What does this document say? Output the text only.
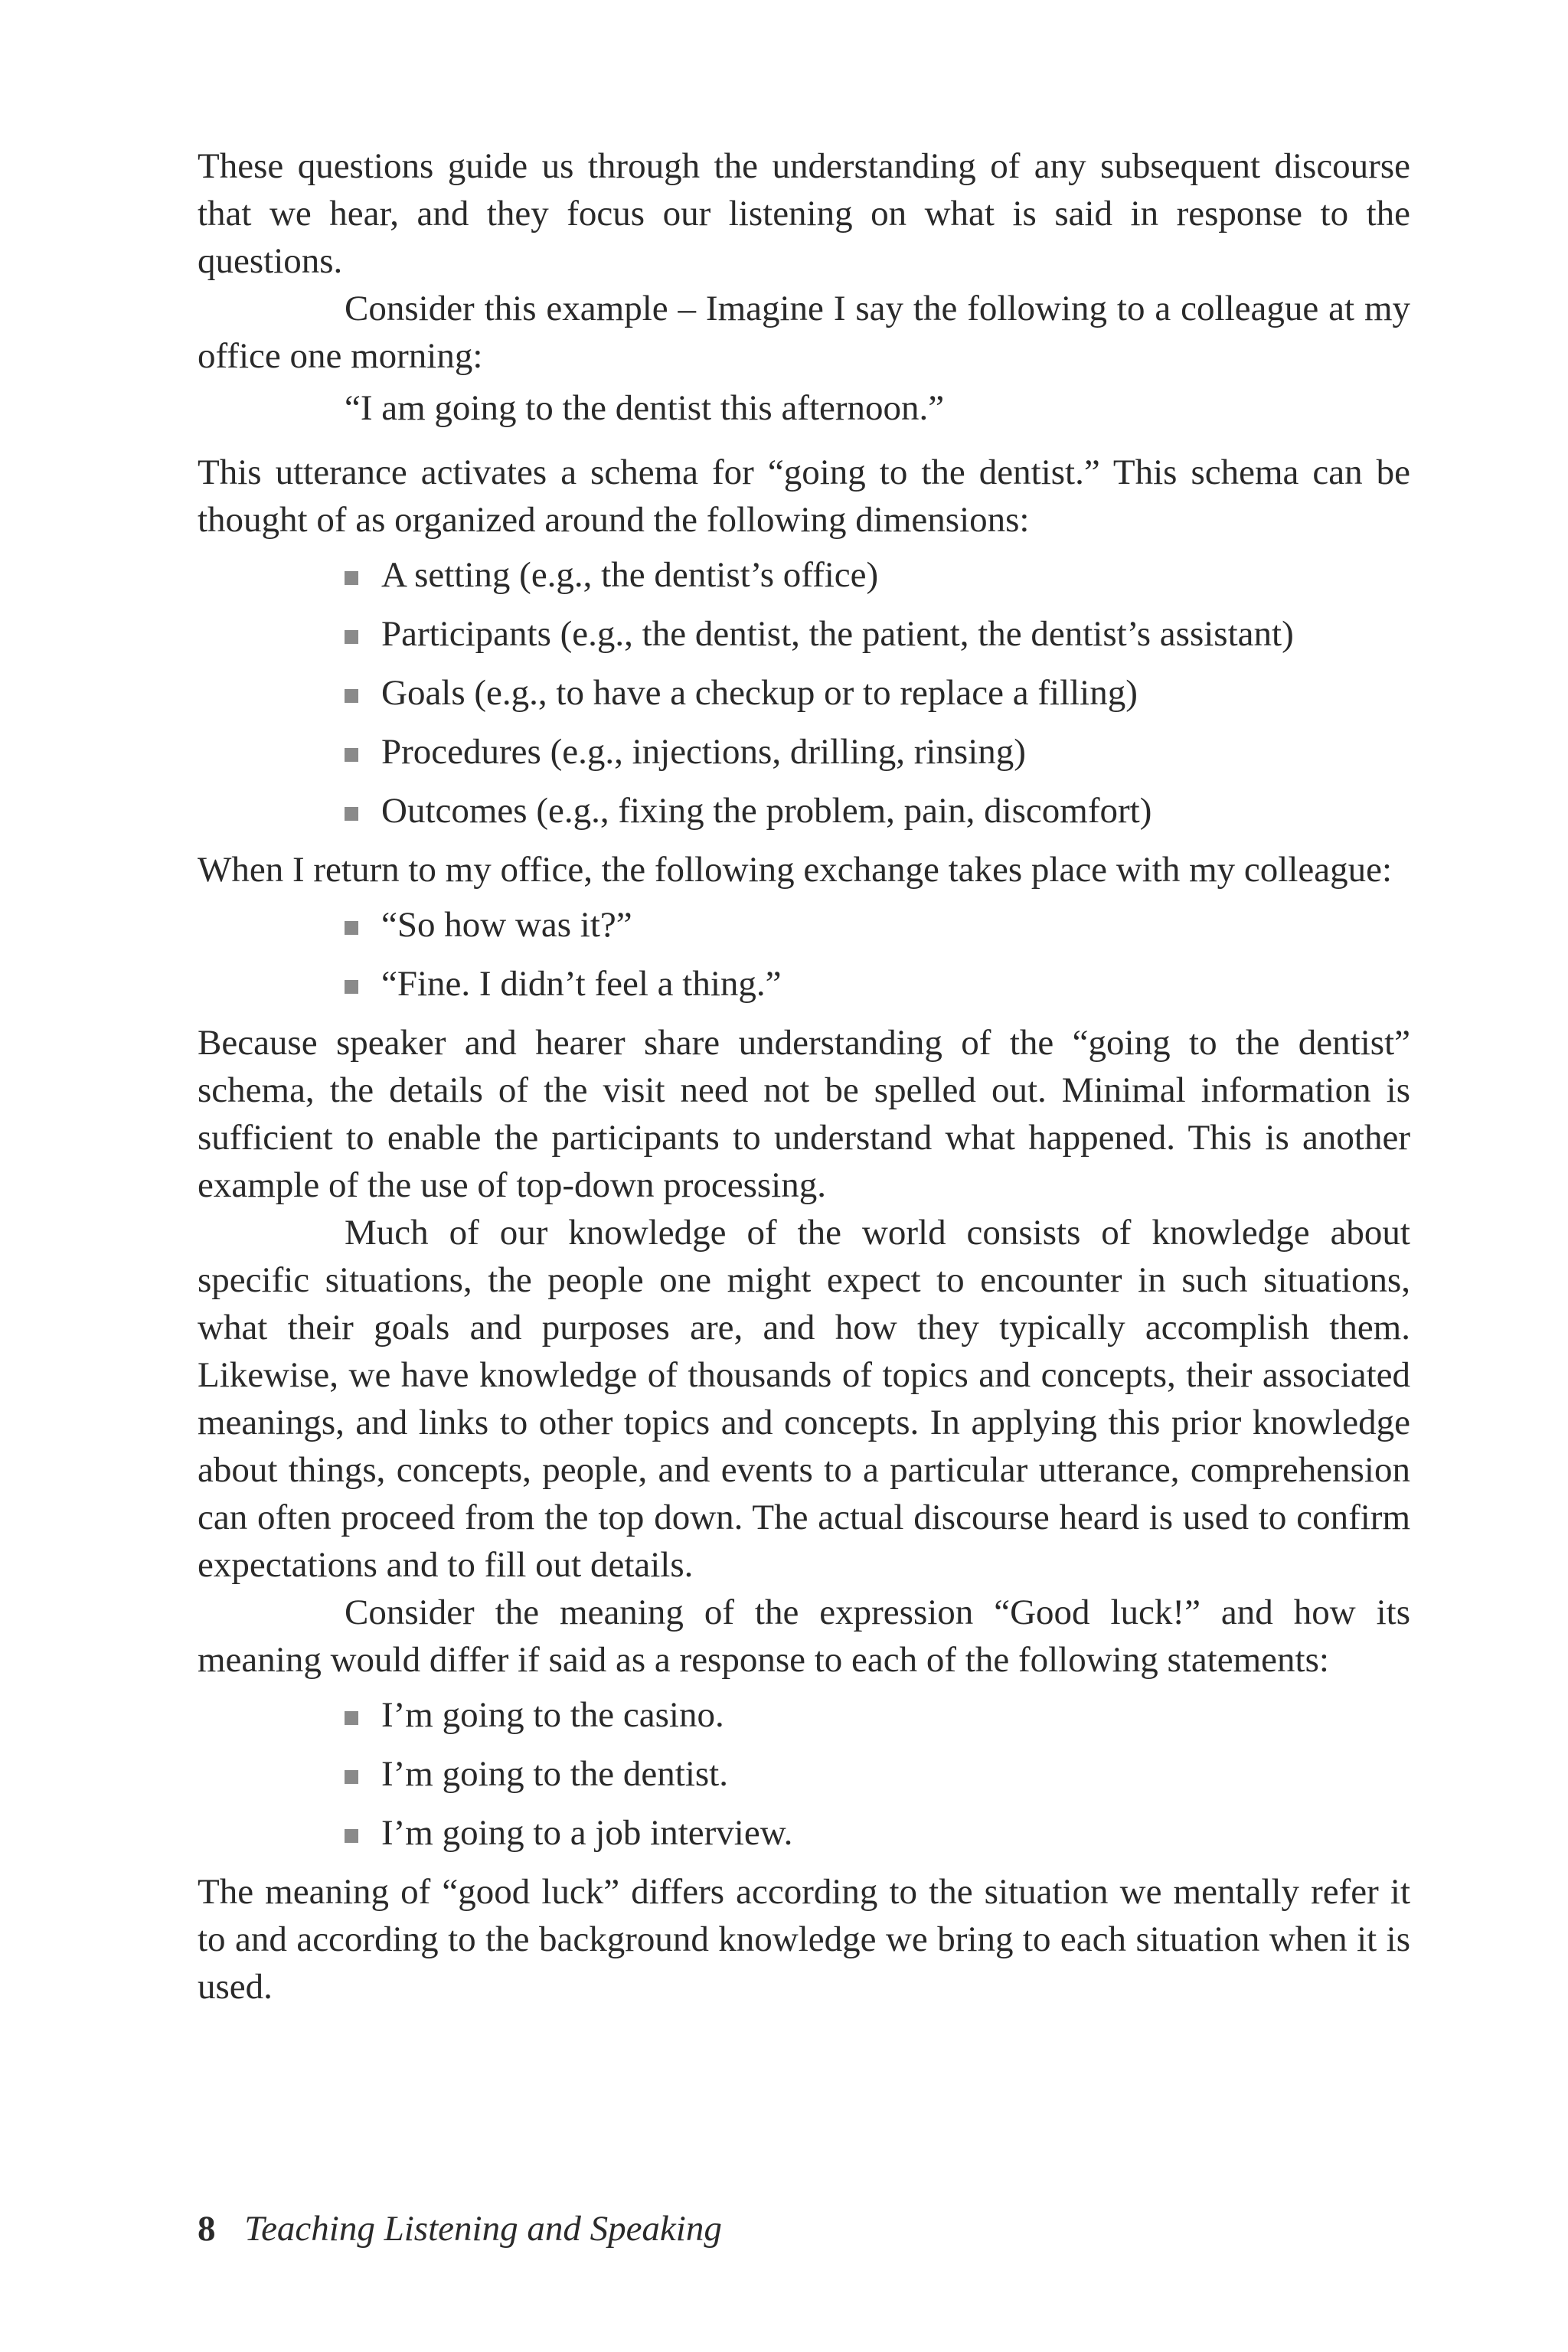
These questions guide us through the understanding of any subsequent discourse that we hear, and they focus our listening on what is said in response to the questions.

Consider this example – Imagine I say the following to a colleague at my office one morning:

“I am going to the dentist this afternoon.”

This utterance activates a schema for “going to the dentist.” This schema can be thought of as organized around the following dimensions:

A setting (e.g., the dentist’s office)
Participants (e.g., the dentist, the patient, the dentist’s assistant)
Goals (e.g., to have a checkup or to replace a filling)
Procedures (e.g., injections, drilling, rinsing)
Outcomes (e.g., fixing the problem, pain, discomfort)

When I return to my office, the following exchange takes place with my colleague:

“So how was it?”
“Fine. I didn’t feel a thing.”

Because speaker and hearer share understanding of the “going to the dentist” schema, the details of the visit need not be spelled out. Minimal information is sufficient to enable the participants to understand what happened. This is another example of the use of top-down processing.

Much of our knowledge of the world consists of knowledge about specific situations, the people one might expect to encounter in such situations, what their goals and purposes are, and how they typically accomplish them. Likewise, we have knowledge of thousands of topics and concepts, their associated meanings, and links to other topics and concepts. In applying this prior knowledge about things, concepts, people, and events to a particular utterance, comprehension can often proceed from the top down. The actual discourse heard is used to confirm expectations and to fill out details.

Consider the meaning of the expression “Good luck!” and how its meaning would differ if said as a response to each of the following statements:

I’m going to the casino.
I’m going to the dentist.
I’m going to a job interview.

The meaning of “good luck” differs according to the situation we mentally refer it to and according to the background knowledge we bring to each situation when it is used.

8 Teaching Listening and Speaking
